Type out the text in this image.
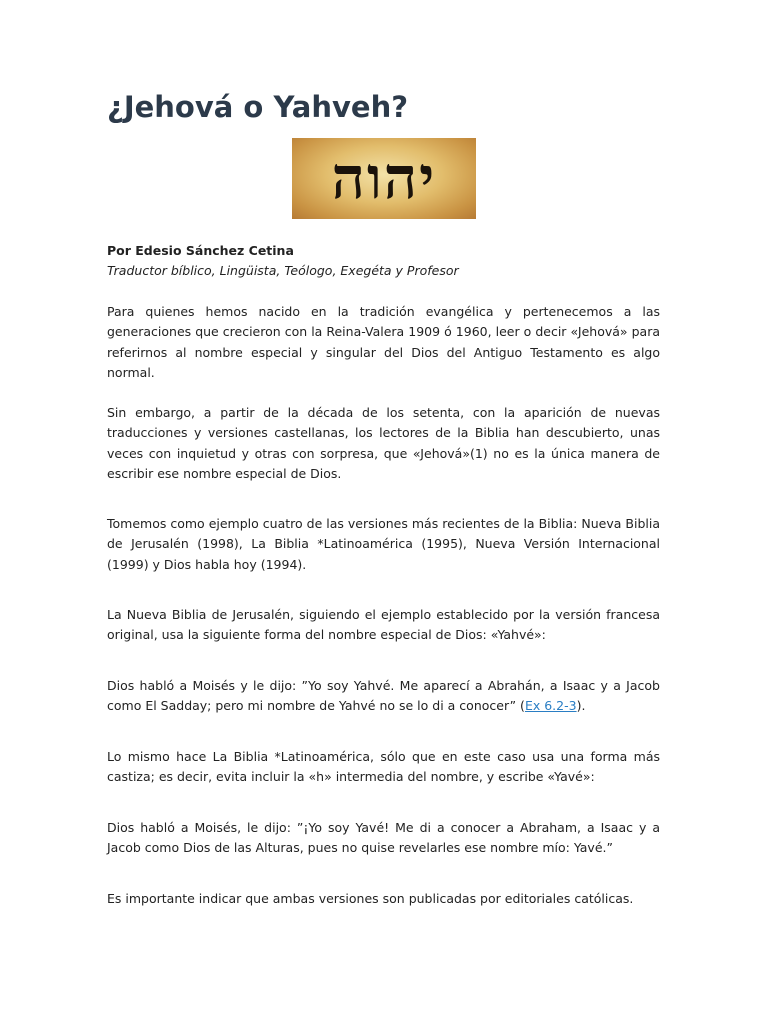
¿Jehová o Yahveh?
יהוה
Por Edesio Sánchez Cetina
Traductor bíblico, Lingüista, Teólogo, Exegéta y Profesor

Para quienes hemos nacido en la tradición evangélica y pertenecemos a las generaciones que crecieron con la Reina-Valera 1909 ó 1960, leer o decir «Jehová» para referirnos al nombre especial y singular del Dios del Antiguo Testamento es algo normal.

Sin embargo, a partir de la década de los setenta, con la aparición de nuevas traducciones y versiones castellanas, los lectores de la Biblia han descubierto, unas veces con inquietud y otras con sorpresa, que «Jehová»(1) no es la única manera de escribir ese nombre especial de Dios.

Tomemos como ejemplo cuatro de las versiones más recientes de la Biblia: Nueva Biblia de Jerusalén (1998), La Biblia *Latinoamérica (1995), Nueva Versión Internacional (1999) y Dios habla hoy (1994).

La Nueva Biblia de Jerusalén, siguiendo el ejemplo establecido por la versión francesa original, usa la siguiente forma del nombre especial de Dios: «Yahvé»:

Dios habló a Moisés y le dijo: ”Yo soy Yahvé. Me aparecí a Abrahán, a Isaac y a Jacob como El Sadday; pero mi nombre de Yahvé no se lo di a conocer” (Ex 6.2-3).

Lo mismo hace La Biblia *Latinoamérica, sólo que en este caso usa una forma más castiza; es decir, evita incluir la «h» intermedia del nombre, y escribe «Yavé»:

Dios habló a Moisés, le dijo: ”¡Yo soy Yavé! Me di a conocer a Abraham, a Isaac y a Jacob como Dios de las Alturas, pues no quise revelarles ese nombre mío: Yavé.”

Es importante indicar que ambas versiones son publicadas por editoriales católicas.
